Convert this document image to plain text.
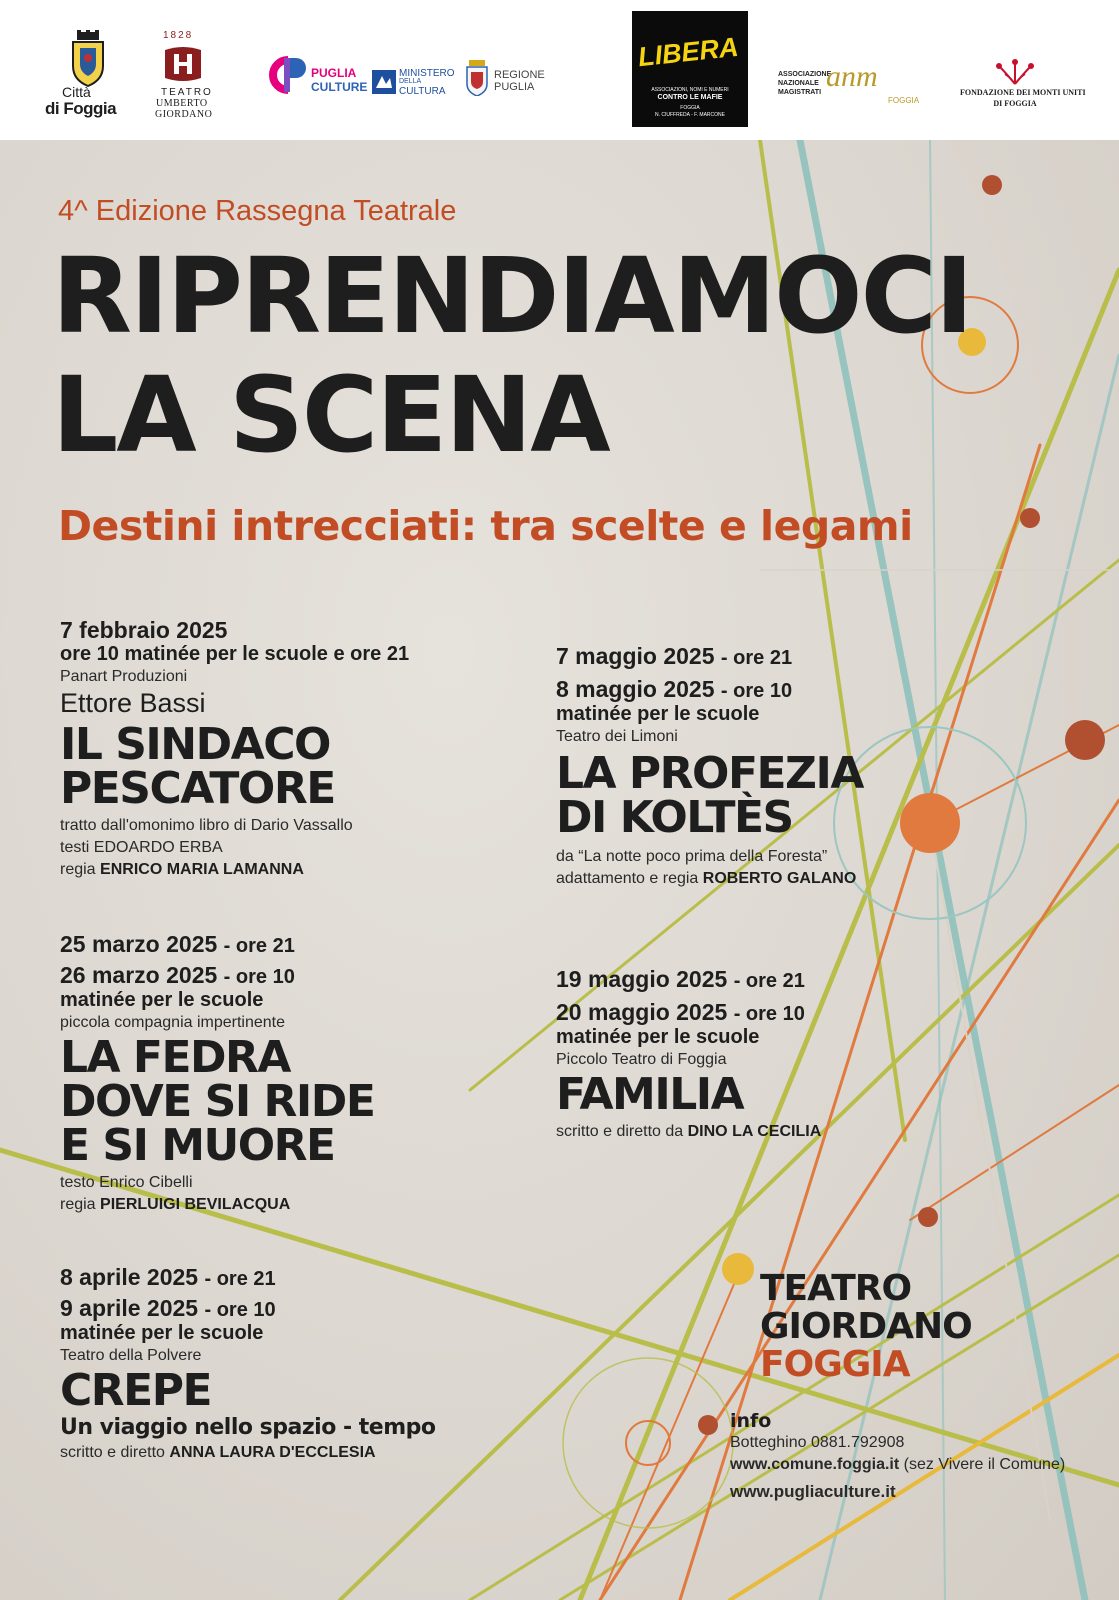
Città
di Foggia
1828
TEATRO
UMBERTO
GIORDANO
PUGLIA
CULTURE
MINISTERO
DELLA
CULTURA
REGIONE
PUGLIA
LIBERA
ASSOCIAZIONI, NOMI E NUMERI
CONTRO LE MAFIE
FOGGIA
N. CIUFFREDA - F. MARCONE
ASSOCIAZIONE
NAZIONALE
MAGISTRATI anm
FOGGIA
FONDAZIONE DEI MONTI UNITI
DI FOGGIA
4^ Edizione Rassegna Teatrale
RIPRENDIAMOCI
LA SCENA
Destini intrecciati: tra scelte e legami
7 febbraio 2025
ore 10 matinée per le scuole e ore 21
Panart Produzioni
Ettore Bassi
IL SINDACO
PESCATORE
tratto dall'omonimo libro di Dario Vassallo
testi EDOARDO ERBA
regia ENRICO MARIA LAMANNA
25 marzo 2025 - ore 21
26 marzo 2025 - ore 10
matinée per le scuole
piccola compagnia impertinente
LA FEDRA
DOVE SI RIDE
E SI MUORE
testo Enrico Cibelli
regia PIERLUIGI BEVILACQUA
8 aprile 2025 - ore 21
9 aprile 2025 - ore 10
matinée per le scuole
Teatro della Polvere
CREPE
Un viaggio nello spazio - tempo
scritto e diretto ANNA LAURA D'ECCLESIA
7 maggio 2025 - ore 21
8 maggio 2025 - ore 10
matinée per le scuole
Teatro dei Limoni
LA PROFEZIA
DI KOLTÈS
da “La notte poco prima della Foresta”
adattamento e regia ROBERTO GALANO
19 maggio 2025 - ore 21
20 maggio 2025 - ore 10
matinée per le scuole
Piccolo Teatro di Foggia
FAMILIA
scritto e diretto da DINO LA CECILIA
TEATRO
GIORDANO
FOGGIA
info
Botteghino 0881.792908
www.comune.foggia.it (sez Vivere il Comune)
www.pugliaculture.it
